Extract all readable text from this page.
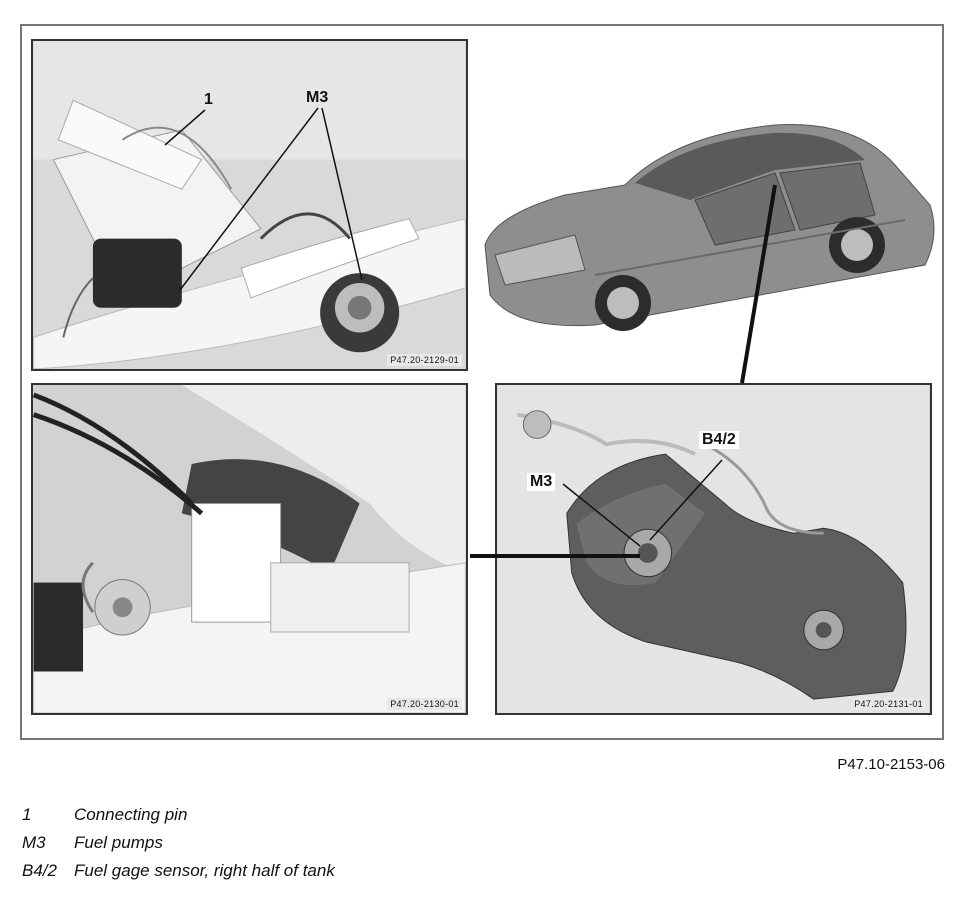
1	M3
P47.20-2129-01
P47.20-2130-01
B4/2
M3
P47.20-2131-01
P47.10-2153-06
1	Connecting pin
M3 Fuel pumps
B4/2 Fuel gage sensor, right half of tank
